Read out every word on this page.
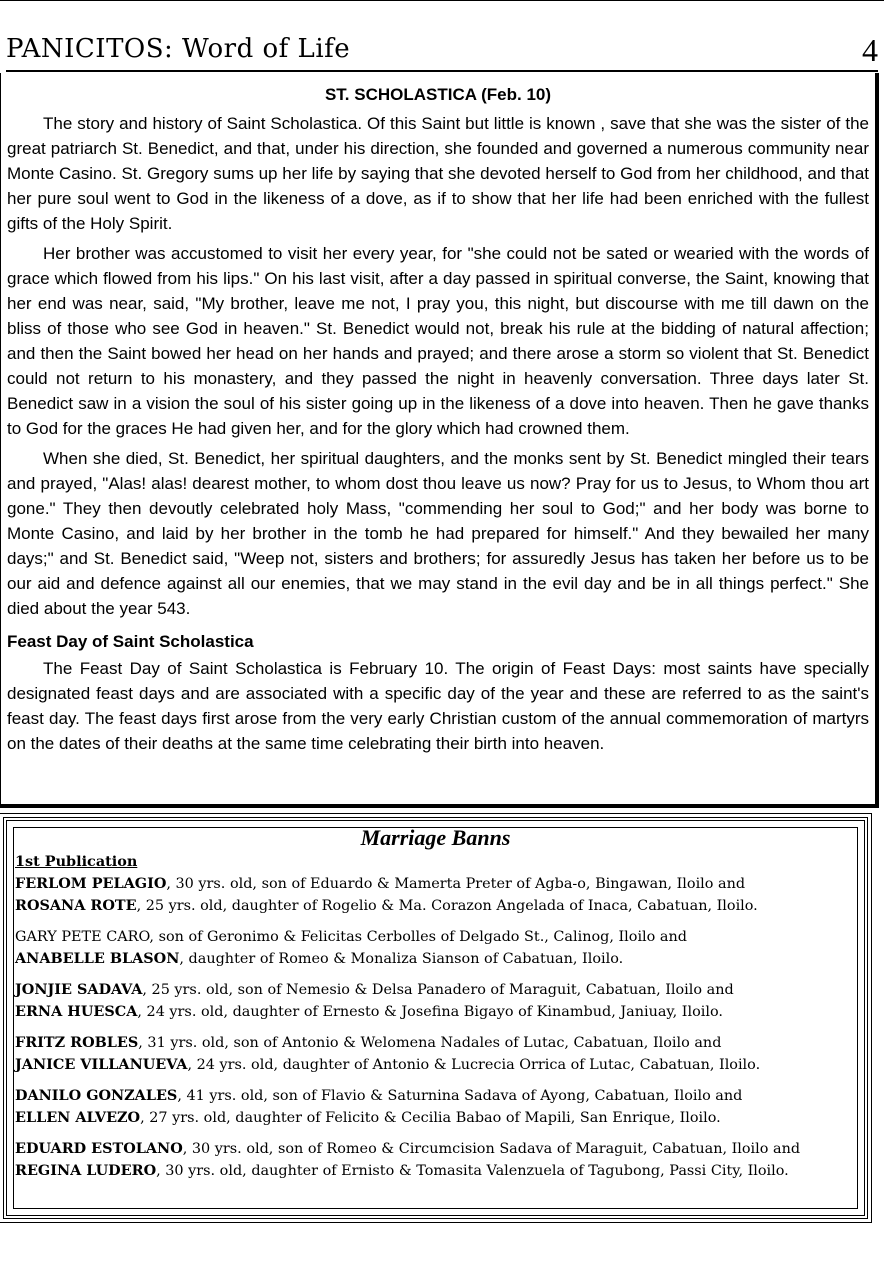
PANICITOS: Word of Life	4
ST. SCHOLASTICA (Feb. 10)

The story and history of Saint Scholastica. Of this Saint but little is known , save that she was the sister of the great patriarch St. Benedict, and that, under his direction, she founded and governed a numerous community near Monte Casino. St. Gregory sums up her life by saying that she devoted herself to God from her childhood, and that her pure soul went to God in the likeness of a dove, as if to show that her life had been enriched with the fullest gifts of the Holy Spirit.

Her brother was accustomed to visit her every year, for "she could not be sated or wearied with the words of grace which flowed from his lips." On his last visit, after a day passed in spiritual converse, the Saint, knowing that her end was near, said, "My brother, leave me not, I pray you, this night, but discourse with me till dawn on the bliss of those who see God in heaven." St. Benedict would not, break his rule at the bidding of natural affection; and then the Saint bowed her head on her hands and prayed; and there arose a storm so violent that St. Benedict could not return to his monastery, and they passed the night in heavenly conversation. Three days later St. Benedict saw in a vision the soul of his sister going up in the likeness of a dove into heaven. Then he gave thanks to God for the graces He had given her, and for the glory which had crowned them.

When she died, St. Benedict, her spiritual daughters, and the monks sent by St. Benedict mingled their tears and prayed, "Alas! alas! dearest mother, to whom dost thou leave us now? Pray for us to Jesus, to Whom thou art gone." They then devoutly celebrated holy Mass, "commending her soul to God;" and her body was borne to Monte Casino, and laid by her brother in the tomb he had prepared for himself." And they bewailed her many days;" and St. Benedict said, "Weep not, sisters and brothers; for assuredly Jesus has taken her before us to be our aid and defence against all our enemies, that we may stand in the evil day and be in all things perfect." She died about the year 543.

Feast Day of Saint Scholastica

The Feast Day of Saint Scholastica is February 10. The origin of Feast Days: most saints have specially designated feast days and are associated with a specific day of the year and these are referred to as the saint's feast day. The feast days first arose from the very early Christian custom of the annual commemoration of martyrs on the dates of their deaths at the same time celebrating their birth into heaven.

Marriage Banns
1st Publication
FERLOM PELAGIO, 30 yrs. old, son of Eduardo & Mamerta Preter of Agba-o, Bingawan, Iloilo and
ROSANA ROTE, 25 yrs. old, daughter of Rogelio & Ma. Corazon Angelada of Inaca, Cabatuan, Iloilo.
GARY PETE CARO, son of Geronimo & Felicitas Cerbolles of Delgado St., Calinog, Iloilo and
ANABELLE BLASON, daughter of Romeo & Monaliza Sianson of Cabatuan, Iloilo.
JONJIE SADAVA, 25 yrs. old, son of Nemesio & Delsa Panadero of Maraguit, Cabatuan, Iloilo and
ERNA HUESCA, 24 yrs. old, daughter of Ernesto & Josefina Bigayo of Kinambud, Janiuay, Iloilo.
FRITZ ROBLES, 31 yrs. old, son of Antonio & Welomena Nadales of Lutac, Cabatuan, Iloilo and
JANICE VILLANUEVA, 24 yrs. old, daughter of Antonio & Lucrecia Orrica of Lutac, Cabatuan, Iloilo.
DANILO GONZALES, 41 yrs. old, son of Flavio & Saturnina Sadava of Ayong, Cabatuan, Iloilo and
ELLEN ALVEZO, 27 yrs. old, daughter of Felicito & Cecilia Babao of Mapili, San Enrique, Iloilo.
EDUARD ESTOLANO, 30 yrs. old, son of Romeo & Circumcision Sadava of Maraguit, Cabatuan, Iloilo and
REGINA LUDERO, 30 yrs. old, daughter of Ernisto & Tomasita Valenzuela of Tagubong, Passi City, Iloilo.
